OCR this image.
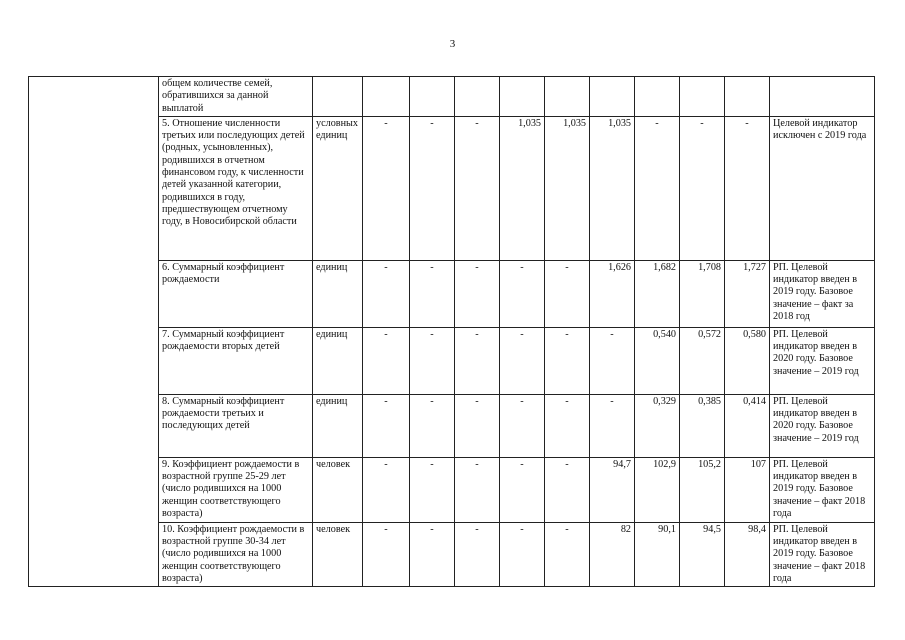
3
	общем количестве семей, обратившихся за данной выплатой											
	5. Отношение численности третьих или последующих детей (родных, усыновленных), родившихся в отчетном финансовом году, к численности детей указанной категории, родившихся в году, предшествующем отчетному году, в Новосибирской области	условных единиц	-	-	-	1,035	1,035	1,035	-	-	-	Целевой индикатор исключен с 2019 года
	6. Суммарный коэффициент рождаемости	единиц	-	-	-	-	-	1,626	1,682	1,708	1,727	РП. Целевой индикатор введен в 2019 году. Базовое значение – факт за 2018 год
	7. Суммарный коэффициент рождаемости вторых детей	единиц	-	-	-	-	-	-	0,540	0,572	0,580	РП. Целевой индикатор введен в 2020 году. Базовое значение – 2019 год
	8. Суммарный коэффициент рождаемости третьих и последующих детей	единиц	-	-	-	-	-	-	0,329	0,385	0,414	РП. Целевой индикатор введен в 2020 году. Базовое значение – 2019 год
	9. Коэффициент рождаемости в возрастной группе 25-29 лет (число родившихся на 1000 женщин соответствующего возраста)	человек	-	-	-	-	-	94,7	102,9	105,2	107	РП. Целевой индикатор введен в 2019 году. Базовое значение – факт 2018 года
	10. Коэффициент рождаемости в возрастной группе 30-34 лет (число родившихся на 1000 женщин соответствующего возраста)	человек	-	-	-	-	-	82	90,1	94,5	98,4	РП. Целевой индикатор введен в 2019 году. Базовое значение – факт 2018 года
